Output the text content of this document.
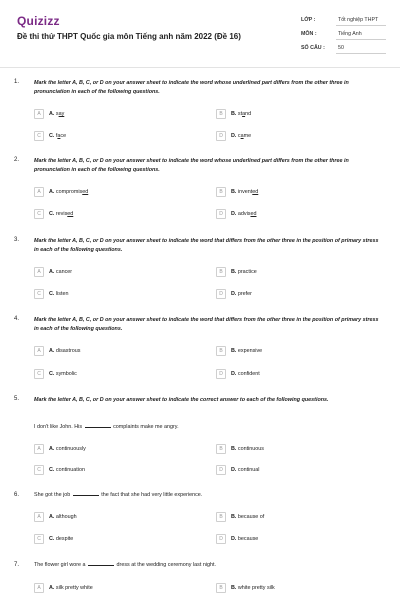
Quizizz
Đề thi thử THPT Quốc gia môn Tiếng anh năm 2022 (Đề 16)
LỚP :	Tốt nghiệp THPT
MÔN :	Tiếng Anh
SỐ CÂU : 50
1.	Mark the letter A, B, C, or D on your answer sheet to indicate the word whose underlined part differs from the other three in pronunciation in each of the following questions.
A	A. say	B	B. stand
C	C. face	D	D. came
2.	Mark the letter A, B, C, or D on your answer sheet to indicate the word whose underlined part differs from the other three in pronunciation in each of the following questions.
A	A. compromised	B	B. invented
C	C. revised	D	D. advised
3.	Mark the letter A, B, C, or D on your answer sheet to indicate the word that differs from the other three in the position of primary stress in each of the following questions.
A	A. cancer	B	B. practice
C	C. listen	D	D. prefer
4.	Mark the letter A, B, C, or D on your answer sheet to indicate the word that differs from the other three in the position of primary stress in each of the following questions.
A	A. disastrous	B	B. expensive
C	C. symbolic	D	D. confident
5.	Mark the letter A, B, C, or D on your answer sheet to indicate the correct answer to each of the following questions.
I don't like John. His	complaints make me angry.
A	A. continuously	B	B. continuous
C	C. continuation	D	D. continual
6.	She got the job	the fact that she had very little experience.
A	A. although	B	B. because of
C	C. despite	D	D. because
7.	The flower girl wore a	dress at the wedding ceremony last night.
A	A. silk pretty white	B	B. white pretty silk
